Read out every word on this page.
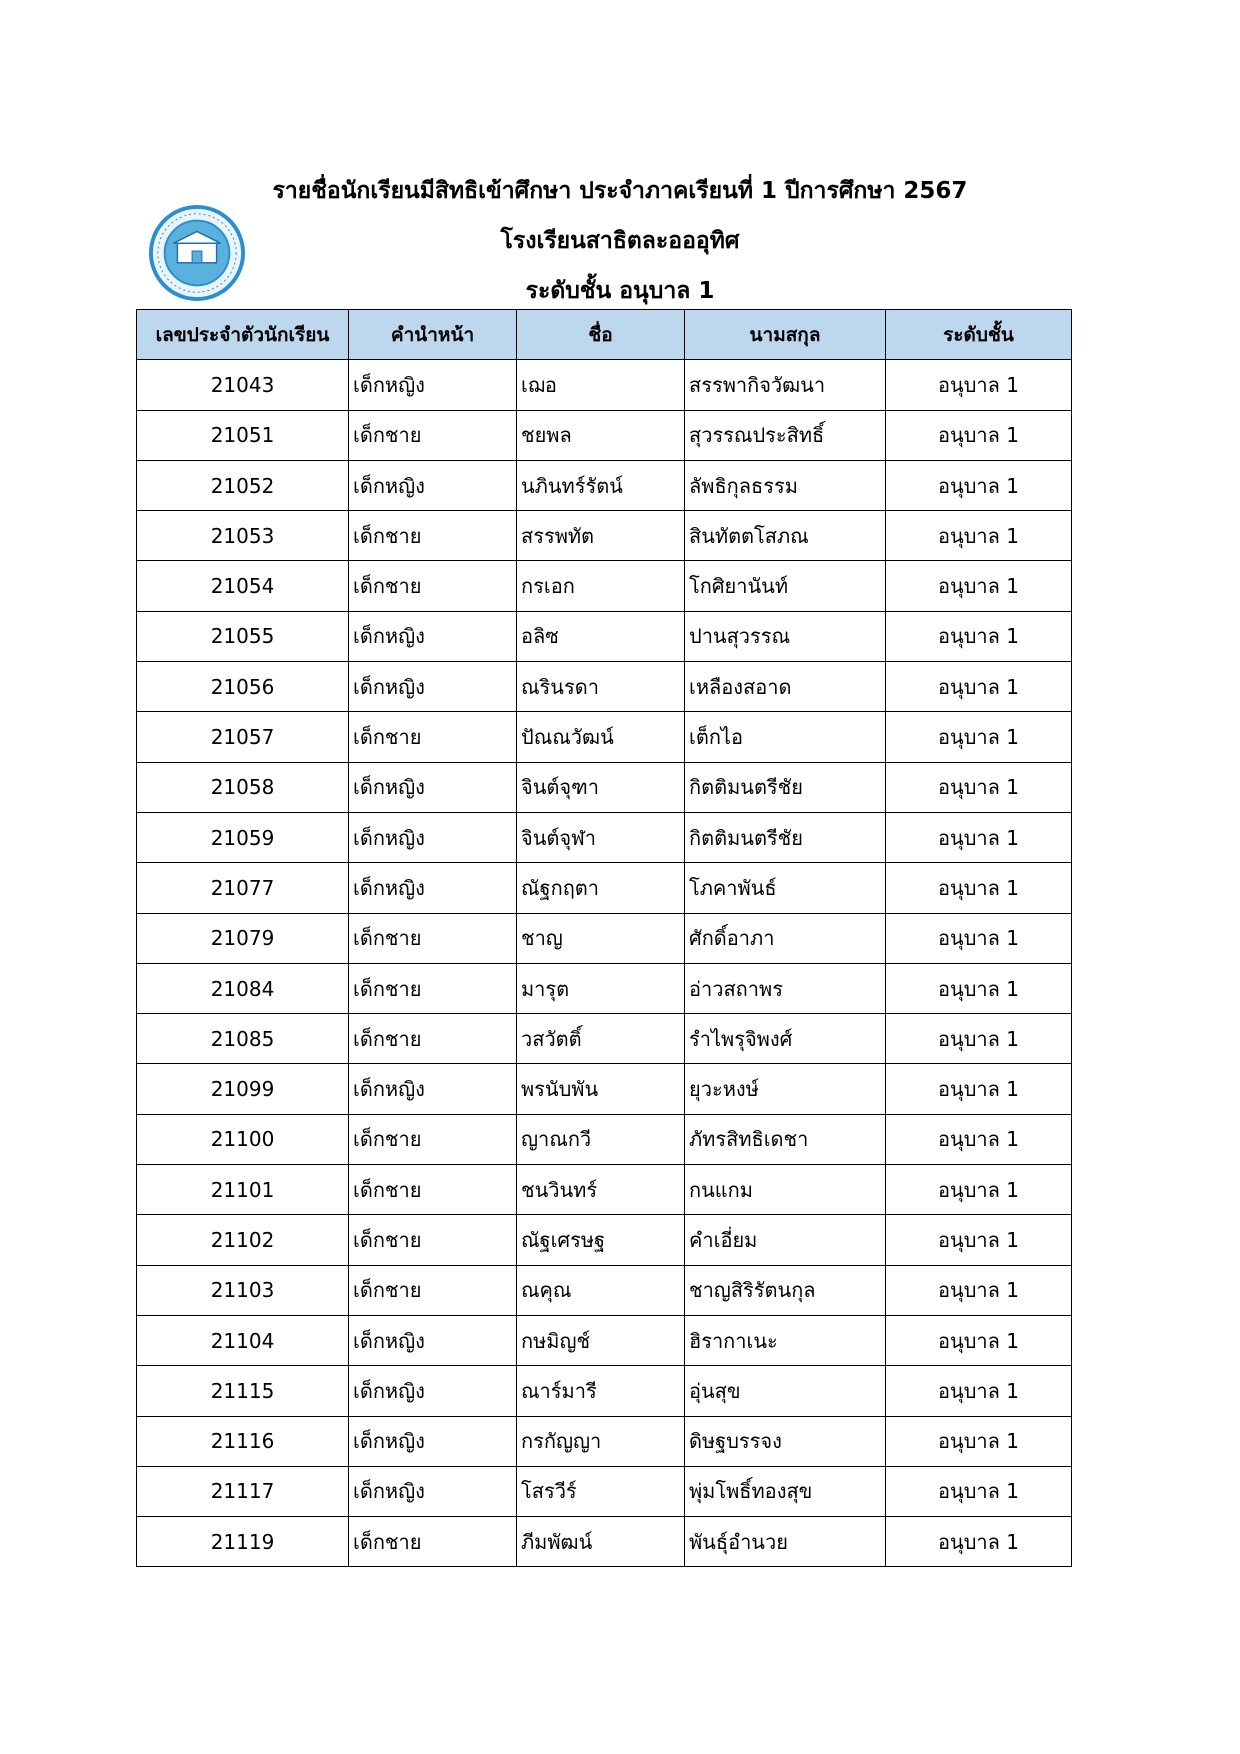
รายชื่อนักเรียนมีสิทธิเข้าศึกษา ประจำภาคเรียนที่ 1 ปีการศึกษา 2567

โรงเรียนสาธิตละอออุทิศ

ระดับชั้น อนุบาล 1

เลขประจำตัวนักเรียน	คำนำหน้า	ชื่อ	นามสกุล	ระดับชั้น
21043	เด็กหญิง	เฌอ	สรรพากิจวัฒนา	อนุบาล 1
21051	เด็กชาย	ชยพล	สุวรรณประสิทธิ์	อนุบาล 1
21052	เด็กหญิง	นภินทร์รัตน์	ลัพธิกุลธรรม	อนุบาล 1
21053	เด็กชาย	สรรพทัต	สินทัตตโสภณ	อนุบาล 1
21054	เด็กชาย	กรเอก	โกศิยานันท์	อนุบาล 1
21055	เด็กหญิง	อลิซ	ปานสุวรรณ	อนุบาล 1
21056	เด็กหญิง	ณรินรดา	เหลืองสอาด	อนุบาล 1
21057	เด็กชาย	ปัณณวัฒน์	เต็กไอ	อนุบาล 1
21058	เด็กหญิง	จินต์จุฑา	กิตติมนตรีชัย	อนุบาล 1
21059	เด็กหญิง	จินต์จุฬา	กิตติมนตรีชัย	อนุบาล 1
21077	เด็กหญิง	ณัฐกฤตา	โภคาพันธ์	อนุบาล 1
21079	เด็กชาย	ชาญ	ศักดิ์อาภา	อนุบาล 1
21084	เด็กชาย	มารุต	อ่าวสถาพร	อนุบาล 1
21085	เด็กชาย	วสวัตติ์	รำไพรุจิพงศ์	อนุบาล 1
21099	เด็กหญิง	พรนับพัน	ยุวะหงษ์	อนุบาล 1
21100	เด็กชาย	ญาณกวี	ภัทรสิทธิเดชา	อนุบาล 1
21101	เด็กชาย	ชนวินทร์	กนแกม	อนุบาล 1
21102	เด็กชาย	ณัฐเศรษฐ	คำเอี่ยม	อนุบาล 1
21103	เด็กชาย	ณคุณ	ชาญสิริรัตนกุล	อนุบาล 1
21104	เด็กหญิง	กษมิญช์	ฮิรากาเนะ	อนุบาล 1
21115	เด็กหญิง	ณาร์มารี	อุ่นสุข	อนุบาล 1
21116	เด็กหญิง	กรกัญญา	ดิษฐบรรจง	อนุบาล 1
21117	เด็กหญิง	โสรวีร์	พุ่มโพธิ์ทองสุข	อนุบาล 1
21119	เด็กชาย	ภีมพัฒน์	พันธุ์อำนวย	อนุบาล 1
